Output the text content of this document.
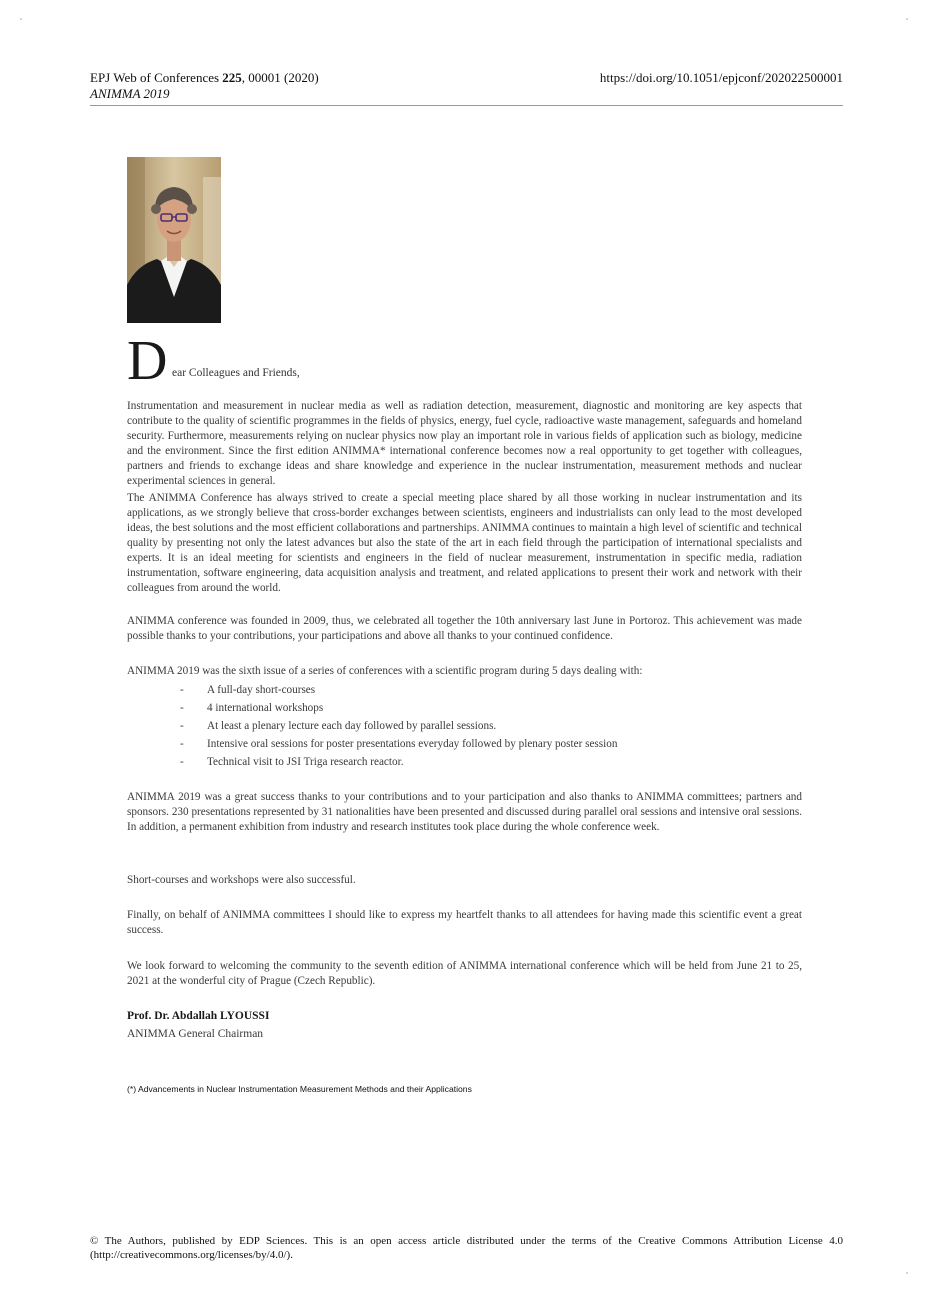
EPJ Web of Conferences 225, 00001 (2020)
ANIMMA 2019
https://doi.org/10.1051/epjconf/202022500001
D ear Colleagues and Friends,

Instrumentation and measurement in nuclear media as well as radiation detection, measurement, diagnostic and monitoring are key aspects that contribute to the quality of scientific programmes in the fields of physics, energy, fuel cycle, radioactive waste management, safeguards and homeland security. Furthermore, measurements relying on nuclear physics now play an important role in various fields of application such as biology, medicine and the environment. Since the first edition ANIMMA* international conference becomes now a real opportunity to get together with colleagues, partners and friends to exchange ideas and share knowledge and experience in the nuclear instrumentation, measurement methods and nuclear experimental sciences in general.

The ANIMMA Conference has always strived to create a special meeting place shared by all those working in nuclear instrumentation and its applications, as we strongly believe that cross-border exchanges between scientists, engineers and industrialists can only lead to the most developed ideas, the best solutions and the most efficient collaborations and partnerships. ANIMMA continues to maintain a high level of scientific and technical quality by presenting not only the latest advances but also the state of the art in each field through the participation of international specialists and experts. It is an ideal meeting for scientists and engineers in the field of nuclear measurement, instrumentation in specific media, radiation instrumentation, software engineering, data acquisition analysis and treatment, and related applications to present their work and network with their colleagues from around the world.

ANIMMA conference was founded in 2009, thus, we celebrated all together the 10th anniversary last June in Portoroz. This achievement was made possible thanks to your contributions, your participations and above all thanks to your continued confidence.

ANIMMA 2019 was the sixth issue of a series of conferences with a scientific program during 5 days dealing with:

- A full-day short-courses
- 4 international workshops
- At least a plenary lecture each day followed by parallel sessions.
- Intensive oral sessions for poster presentations everyday followed by plenary poster session
- Technical visit to JSI Triga research reactor.

ANIMMA 2019 was a great success thanks to your contributions and to your participation and also thanks to ANIMMA committees; partners and sponsors. 230 presentations represented by 31 nationalities have been presented and discussed during parallel oral sessions and intensive oral sessions. In addition, a permanent exhibition from industry and research institutes took place during the whole conference week.

Short-courses and workshops were also successful.

Finally, on behalf of ANIMMA committees I should like to express my heartfelt thanks to all attendees for having made this scientific event a great success.

We look forward to welcoming the community to the seventh edition of ANIMMA international conference which will be held from June 21 to 25, 2021 at the wonderful city of Prague (Czech Republic).

Prof. Dr. Abdallah LYOUSSI
ANIMMA General Chairman
(*) Advancements in Nuclear Instrumentation Measurement Methods and their Applications

© The Authors, published by EDP Sciences. This is an open access article distributed under the terms of the Creative Commons Attribution License 4.0 (http://creativecommons.org/licenses/by/4.0/).
